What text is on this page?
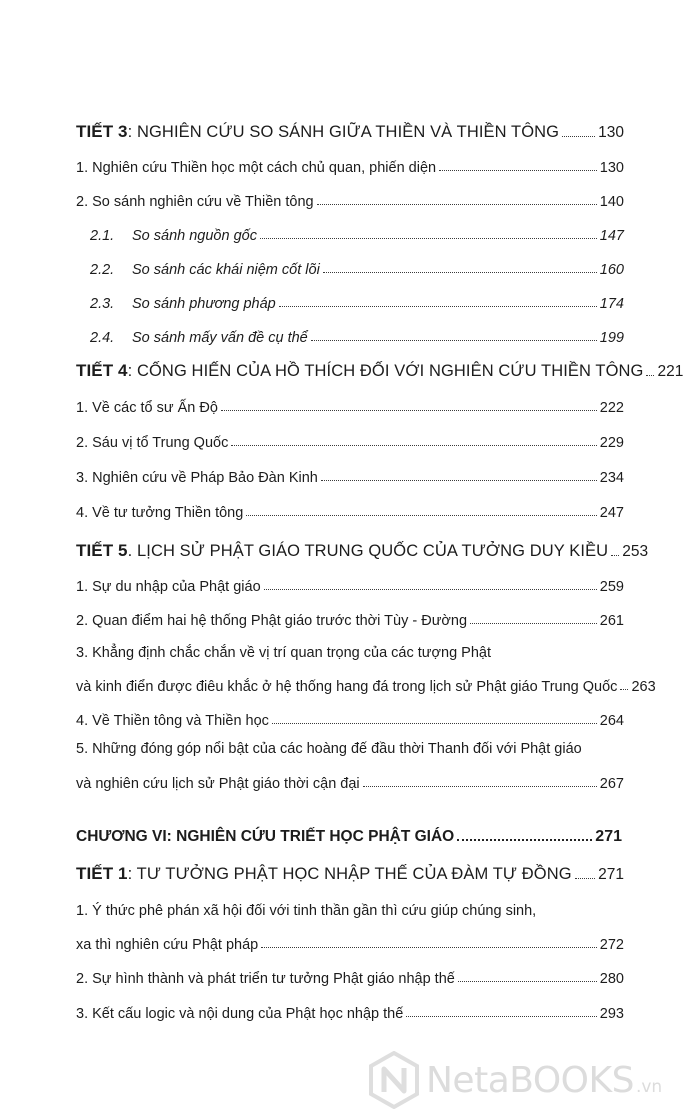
TIẾT 3: NGHIÊN CỨU SO SÁNH GIỮA THIỀN VÀ THIỀN TÔNG	130
1. Nghiên cứu Thiền học một cách chủ quan, phiến diện	130
2. So sánh nghiên cứu về Thiền tông	140
2.1. So sánh nguồn gốc	147
2.2. So sánh các khái niệm cốt lõi	160
2.3. So sánh phương pháp	174
2.4. So sánh mấy vấn đề cụ thể	199
TIẾT 4: CỐNG HIẾN CỦA HỒ THÍCH ĐỐI VỚI NGHIÊN CỨU THIỀN TÔNG 221
1. Về các tổ sư Ấn Độ	222
2. Sáu vị tổ Trung Quốc	229
3. Nghiên cứu về Pháp Bảo Đàn Kinh	234
4. Về tư tưởng Thiền tông	247
TIẾT 5. LỊCH SỬ PHẬT GIÁO TRUNG QUỐC CỦA TƯỞNG DUY KIỀU 253
1. Sự du nhập của Phật giáo	259
2. Quan điểm hai hệ thống Phật giáo trước thời Tùy - Đường	261
3. Khẳng định chắc chắn về vị trí quan trọng của các tượng Phật
và kinh điển được điêu khắc ở hệ thống hang đá trong lịch sử Phật giáo Trung Quốc 263
4. Về Thiền tông và Thiền học	264
5. Những đóng góp nổi bật của các hoàng đế đầu thời Thanh đối với Phật giáo
và nghiên cứu lịch sử Phật giáo thời cận đại	267
CHƯƠNG VI: NGHIÊN CỨU TRIẾT HỌC PHẬT GIÁO	271
TIẾT 1: TƯ TƯỞNG PHẬT HỌC NHẬP THẾ CỦA ĐÀM TỰ ĐỒNG 271
1. Ý thức phê phán xã hội đối với tinh thần gần thì cứu giúp chúng sinh,
xa thì nghiên cứu Phật pháp	272
2. Sự hình thành và phát triển tư tưởng Phật giáo nhập thế	280
3. Kết cấu logic và nội dung của Phật học nhập thế	293
NetaBOOKS .vn
